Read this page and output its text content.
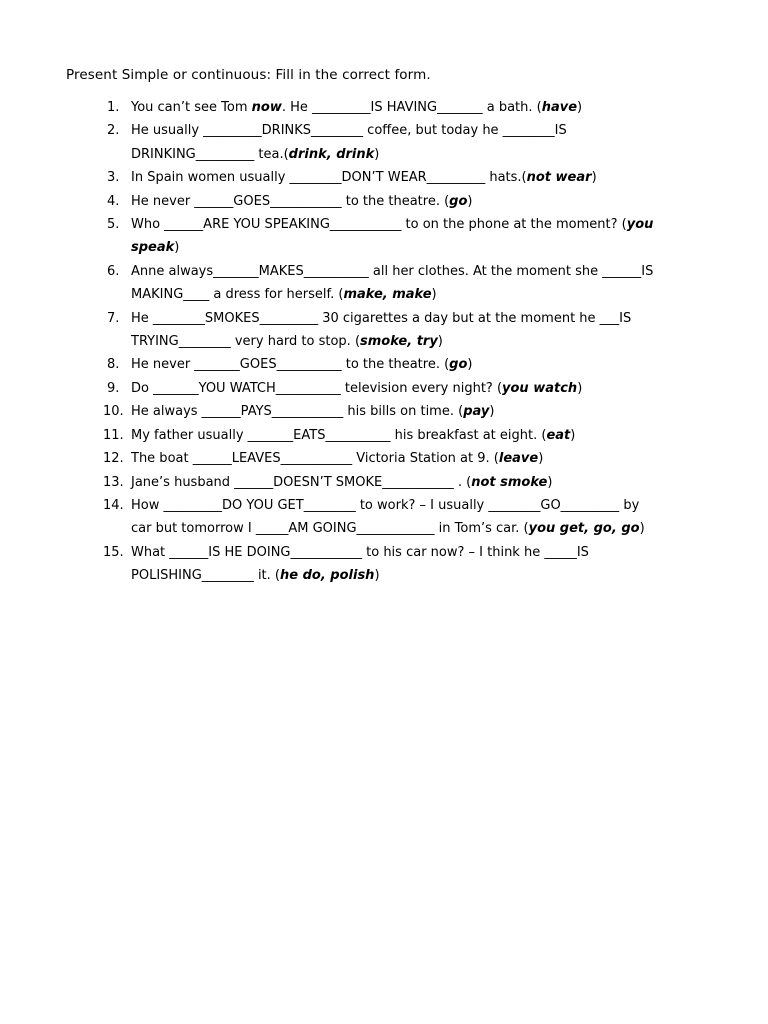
Present Simple or continuous: Fill in the correct form.
1. You can’t see Tom now. He _________IS HAVING_______ a bath. (have)
2. He usually _________DRINKS________ coffee, but today he ________IS
DRINKING_________ tea.(drink, drink)
3. In Spain women usually ________DON’T WEAR_________ hats.(not wear)
4. He never ______GOES___________ to the theatre. (go)
5. Who ______ARE YOU SPEAKING___________ to on the phone at the moment? (you
speak)
6. Anne always_______MAKES__________ all her clothes. At the moment she ______IS
MAKING____ a dress for herself. (make, make)
7. He ________SMOKES_________ 30 cigarettes a day but at the moment he ___IS
TRYING________ very hard to stop. (smoke, try)
8. He never _______GOES__________ to the theatre. (go)
9. Do _______YOU WATCH__________ television every night? (you watch)
10. He always ______PAYS___________ his bills on time. (pay)
11. My father usually _______EATS__________ his breakfast at eight. (eat)
12. The boat ______LEAVES___________ Victoria Station at 9. (leave)
13. Jane’s husband ______DOESN’T SMOKE___________ . (not smoke)
14. How _________DO YOU GET________ to work? – I usually ________GO_________ by
car but tomorrow I _____AM GOING____________ in Tom’s car. (you get, go, go)
15. What ______IS HE DOING___________ to his car now? – I think he _____IS
POLISHING________ it. (he do, polish)
